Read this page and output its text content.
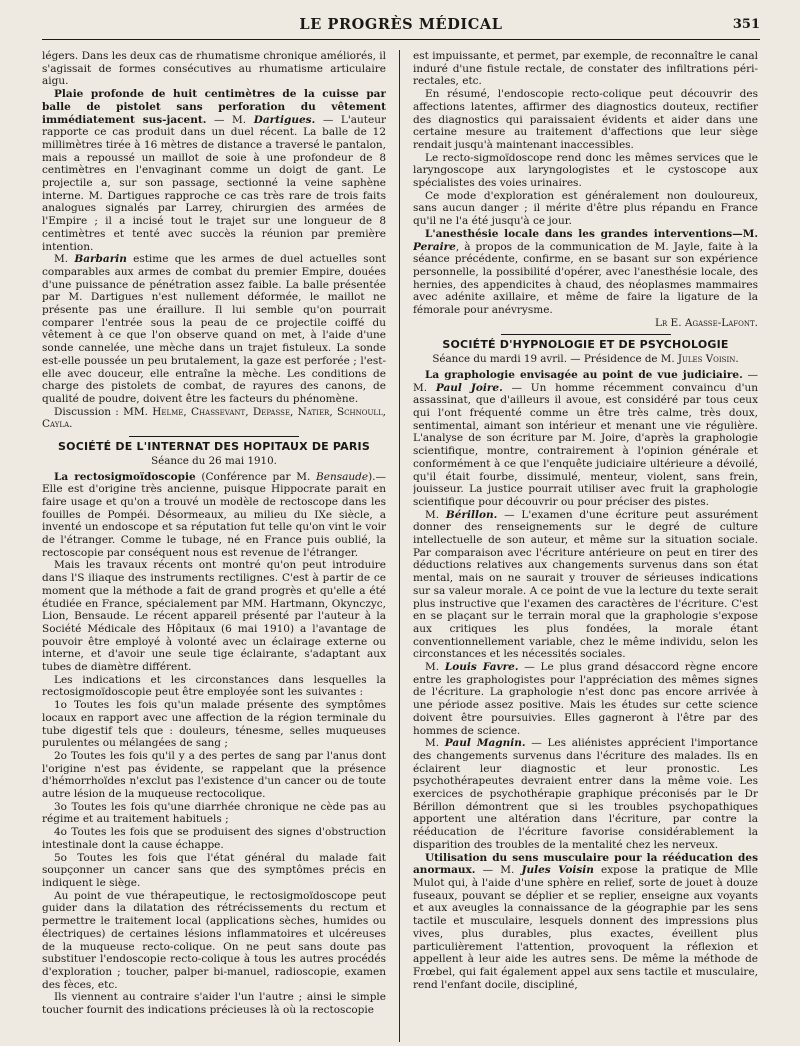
LE PROGRÈS MÉDICAL	351

légers. Dans les deux cas de rhumatisme chronique améliorés, il s'agissait de formes consécutives au rhumatisme articulaire aigu.

Plaie profonde de huit centimètres de la cuisse par balle de pistolet sans perforation du vêtement immédiatement sus-jacent. — M. Dartigues. — L'auteur rapporte ce cas produit dans un duel récent. La balle de 12 millimètres tirée à 16 mètres de distance a traversé le pantalon, mais a repoussé un maillot de soie à une profondeur de 8 centimètres en l'envaginant comme un doigt de gant. Le projectile a, sur son passage, sectionné la veine saphène interne. M. Dartigues rapproche ce cas très rare de trois faits analogues signalés par Larrey, chirurgien des armées de l'Empire ; il a incisé tout le trajet sur une longueur de 8 centimètres et tenté avec succès la réunion par première intention.

M. Barbarin estime que les armes de duel actuelles sont comparables aux armes de combat du premier Empire, douées d'une puissance de pénétration assez faible. La balle présentée par M. Dartigues n'est nullement déformée, le maillot ne présente pas une éraillure. Il lui semble qu'on pourrait comparer l'entrée sous la peau de ce projectile coiffé du vêtement à ce que l'on observe quand on met, à l'aide d'une sonde cannelée, une mèche dans un trajet fistuleux. La sonde est-elle poussée un peu brutalement, la gaze est perforée ; l'est-elle avec douceur, elle entraîne la mèche. Les conditions de charge des pistolets de combat, de rayures des canons, de qualité de poudre, doivent être les facteurs du phénomène.

Discussion : MM. Helme, Chassevant, Depasse, Natier, Schnoull, Cayla.

SOCIÉTÉ DE L'INTERNAT DES HOPITAUX DE PARIS
Séance du 26 mai 1910.

La rectosigmoïdoscopie (Conférence par M. Bensaude).—Elle est d'origine très ancienne, puisque Hippocrate parait en faire usage et qu'on a trouvé un modèle de rectoscope dans les fouilles de Pompéi. Désormeaux, au milieu du IXe siècle, a inventé un endoscope et sa réputation fut telle qu'on vint le voir de l'étranger. Comme le tubage, né en France puis oublié, la rectoscopie par conséquent nous est revenue de l'étranger.

Mais les travaux récents ont montré qu'on peut introduire dans l'S iliaque des instruments rectilignes. C'est à partir de ce moment que la méthode a fait de grand progrès et qu'elle a été étudiée en France, spécialement par MM. Hartmann, Okynczyc, Lion, Bensaude. Le récent appareil présenté par l'auteur à la Société Médicale des Hôpitaux (6 mai 1910) a l'avantage de pouvoir être employé à volonté avec un éclairage externe ou interne, et d'avoir une seule tige éclairante, s'adaptant aux tubes de diamètre différent.

Les indications et les circonstances dans lesquelles la rectosigmoïdoscopie peut être employée sont les suivantes :

1o Toutes les fois qu'un malade présente des symptômes locaux en rapport avec une affection de la région terminale du tube digestif tels que : douleurs, ténesme, selles muqueuses purulentes ou mélangées de sang ;

2o Toutes les fois qu'il y a des pertes de sang par l'anus dont l'origine n'est pas évidente, se rappelant que la présence d'hémorrhoïdes n'exclut pas l'existence d'un cancer ou de toute autre lésion de la muqueuse rectocolique.

3o Toutes les fois qu'une diarrhée chronique ne cède pas au régime et au traitement habituels ;

4o Toutes les fois que se produisent des signes d'obstruction intestinale dont la cause échappe.

5o Toutes les fois que l'état général du malade fait soupçonner un cancer sans que des symptômes précis en indiquent le siège.

Au point de vue thérapeutique, le rectosigmoïdoscope peut guider dans la dilatation des rétrécissements du rectum et permettre le traitement local (applications sèches, humides ou électriques) de certaines lésions inflammatoires et ulcéreuses de la muqueuse recto-colique. On ne peut sans doute pas substituer l'endoscopie recto-colique à tous les autres procédés d'exploration ; toucher, palper bi-manuel, radioscopie, examen des fèces, etc.

Ils viennent au contraire s'aider l'un l'autre ; ainsi le simple toucher fournit des indications précieuses là où la rectoscopie

est impuissante, et permet, par exemple, de reconnaître le canal induré d'une fistule rectale, de constater des infiltrations péri-rectales, etc.

En résumé, l'endoscopie recto-colique peut découvrir des affections latentes, affirmer des diagnostics douteux, rectifier des diagnostics qui paraissaient évidents et aider dans une certaine mesure au traitement d'affections que leur siège rendait jusqu'à maintenant inaccessibles.

Le recto-sigmoïdoscope rend donc les mêmes services que le laryngoscope aux laryngologistes et le cystoscope aux spécialistes des voies urinaires.

Ce mode d'exploration est généralement non douloureux, sans aucun danger ; il mérite d'être plus répandu en France qu'il ne l'a été jusqu'à ce jour.

L'anesthésie locale dans les grandes interventions—M. Peraire, à propos de la communication de M. Jayle, faite à la séance précédente, confirme, en se basant sur son expérience personnelle, la possibilité d'opérer, avec l'anesthésie locale, des hernies, des appendicites à chaud, des néoplasmes mammaires avec adénite axillaire, et même de faire la ligature de la fémorale pour anévrysme.

Lr E. Agasse-Lafont.
SOCIÉTÉ D'HYPNOLOGIE ET DE PSYCHOLOGIE
Séance du mardi 19 avril. — Présidence de M. Jules Voisin.

La graphologie envisagée au point de vue judiciaire. — M. Paul Joire. — Un homme récemment convaincu d'un assassinat, que d'ailleurs il avoue, est considéré par tous ceux qui l'ont fréquenté comme un être très calme, très doux, sentimental, aimant son intérieur et menant une vie régulière. L'analyse de son écriture par M. Joire, d'après la graphologie scientifique, montre, contrairement à l'opinion générale et conformément à ce que l'enquête judiciaire ultérieure a dévoilé, qu'il était fourbe, dissimulé, menteur, violent, sans frein, jouisseur. La justice pourrait utiliser avec fruit la graphologie scientifique pour découvrir ou pour préciser des pistes.

M. Bérillon. — L'examen d'une écriture peut assurément donner des renseignements sur le degré de culture intellectuelle de son auteur, et même sur la situation sociale. Par comparaison avec l'écriture antérieure on peut en tirer des déductions relatives aux changements survenus dans son état mental, mais on ne saurait y trouver de sérieuses indications sur sa valeur morale. A ce point de vue la lecture du texte serait plus instructive que l'examen des caractères de l'écriture. C'est en se plaçant sur le terrain moral que la graphologie s'expose aux critiques les plus fondées, la morale étant conventionnellement variable, chez le même individu, selon les circonstances et les nécessités sociales.

M. Louis Favre. — Le plus grand désaccord règne encore entre les graphologistes pour l'appréciation des mêmes signes de l'écriture. La graphologie n'est donc pas encore arrivée à une période assez positive. Mais les études sur cette science doivent être poursuivies. Elles gagneront à l'être par des hommes de science.

M. Paul Magnin. — Les aliénistes apprécient l'importance des changements survenus dans l'écriture des malades. Ils en éclairent leur diagnostic et leur pronostic. Les psychothérapeutes devraient entrer dans la même voie. Les exercices de psychothérapie graphique préconisés par le Dr Bérillon démontrent que si les troubles psychopathiques apportent une altération dans l'écriture, par contre la rééducation de l'écriture favorise considérablement la disparition des troubles de la mentalité chez les nerveux.

Utilisation du sens musculaire pour la rééducation des anormaux. — M. Jules Voisin expose la pratique de Mlle Mulot qui, à l'aide d'une sphère en relief, sorte de jouet à douze fuseaux, pouvant se déplier et se replier, enseigne aux voyants et aux aveugles la connaissance de la géographie par les sens tactile et musculaire, lesquels donnent des impressions plus vives, plus durables, plus exactes, éveillent plus particulièrement l'attention, provoquent la réflexion et appellent à leur aide les autres sens. De même la méthode de Frœbel, qui fait également appel aux sens tactile et musculaire, rend l'enfant docile, discipliné,
